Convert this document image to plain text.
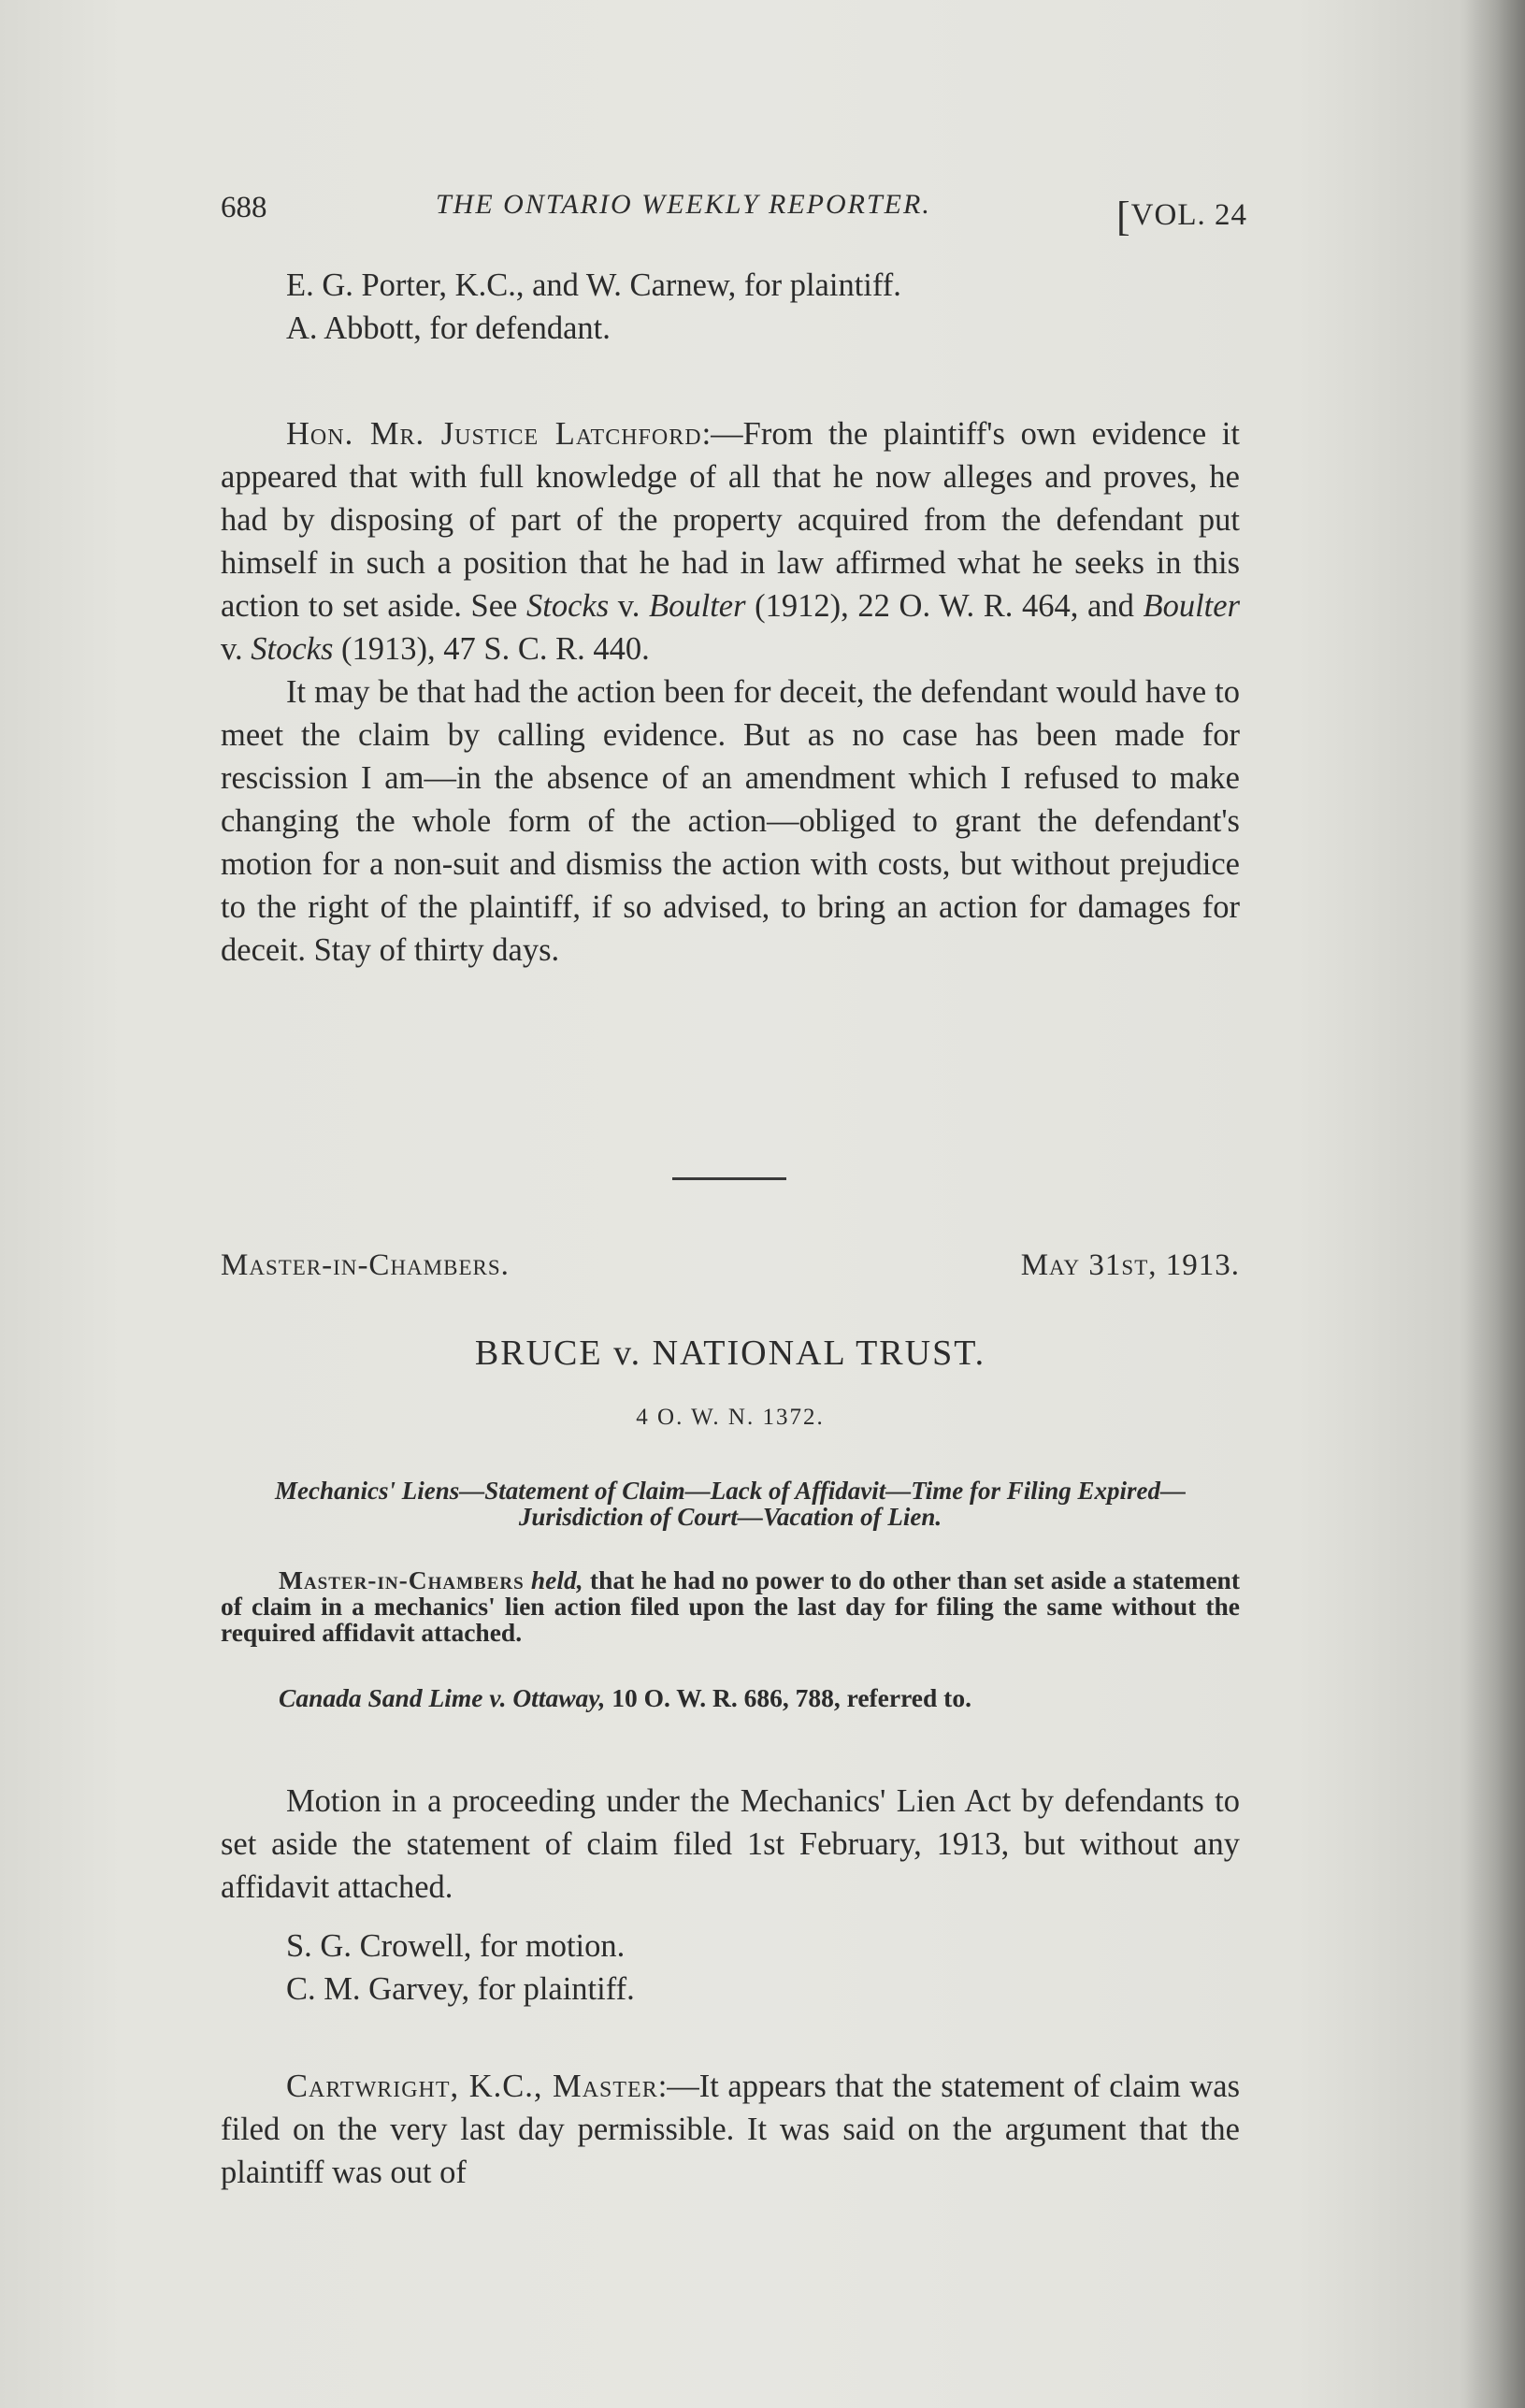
688	THE ONTARIO WEEKLY REPORTER.	[VOL. 24

E. G. Porter, K.C., and W. Carnew, for plaintiff.

A. Abbott, for defendant.

Hon. Mr. Justice Latchford:—From the plaintiff's own evidence it appeared that with full knowledge of all that he now alleges and proves, he had by disposing of part of the property acquired from the defendant put himself in such a position that he had in law affirmed what he seeks in this action to set aside. See Stocks v. Boulter (1912), 22 O. W. R. 464, and Boulter v. Stocks (1913), 47 S. C. R. 440.

It may be that had the action been for deceit, the defendant would have to meet the claim by calling evidence. But as no case has been made for rescission I am—in the absence of an amendment which I refused to make changing the whole form of the action—obliged to grant the defendant's motion for a non-suit and dismiss the action with costs, but without prejudice to the right of the plaintiff, if so advised, to bring an action for damages for deceit. Stay of thirty days.

Master-in-Chambers.	May 31st, 1913.
BRUCE v. NATIONAL TRUST.
4 O. W. N. 1372.
Mechanics' Liens—Statement of Claim—Lack of Affidavit—Time for Filing Expired—Jurisdiction of Court—Vacation of Lien.

Master-in-Chambers held, that he had no power to do other than set aside a statement of claim in a mechanics' lien action filed upon the last day for filing the same without the required affidavit attached.

Canada Sand Lime v. Ottaway, 10 O. W. R. 686, 788, referred to.

Motion in a proceeding under the Mechanics' Lien Act by defendants to set aside the statement of claim filed 1st February, 1913, but without any affidavit attached.

S. G. Crowell, for motion.

C. M. Garvey, for plaintiff.

Cartwright, K.C., Master:—It appears that the statement of claim was filed on the very last day permissible. It was said on the argument that the plaintiff was out of
